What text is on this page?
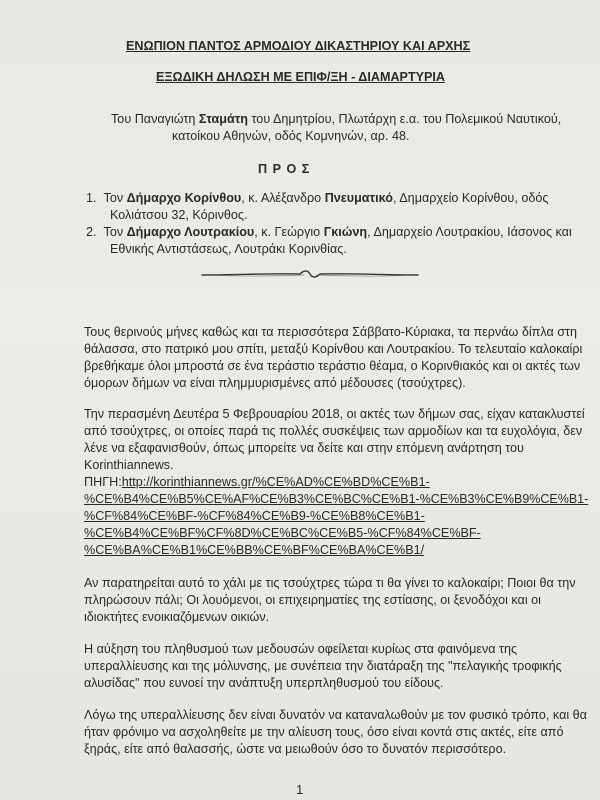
ΕΝΩΠΙΟΝ ΠΑΝΤΟΣ ΑΡΜΟΔΙΟΥ ΔΙΚΑΣΤΗΡΙΟΥ ΚΑΙ ΑΡΧΗΣ
ΕΞΩΔΙΚΗ ΔΗΛΩΣΗ ΜΕ ΕΠΙΦ/ΞΗ - ΔΙΑΜΑΡΤΥΡΙΑ
Του Παναγιώτη Σταμάτη του Δημητρίου, Πλωτάρχη ε.α. του Πολεμικού Ναυτικού,
κατοίκου Αθηνών, οδός Κομνηνών, αρ. 48.
Π Ρ Ο Σ
1. Τον Δήμαρχο Κορίνθου, κ. Αλέξανδρο Πνευματικό, Δημαρχείο Κορίνθου, οδός
Κολιάτσου 32, Κόρινθος.
2. Τον Δήμαρχο Λουτρακίου, κ. Γεώργιο Γκιώνη, Δημαρχείο Λουτρακίου, Ιάσονος και
Εθνικής Αντιστάσεως, Λουτράκι Κορινθίας.
Τους θερινούς μήνες καθώς και τα περισσότερα Σάββατο-Κύριακα, τα περνάω δίπλα στη
θάλασσα, στο πατρικό μου σπίτι, μεταξύ Κορίνθου και Λουτρακίου. Το τελευταίο καλοκαίρι
βρεθήκαμε όλοι μπροστά σε ένα τεράστιο τεράστιο θέαμα, ο Κορινθιακός και οι ακτές των
όμορων δήμων να είναι πλημμυρισμένες από μέδουσες (τσούχτρες).
Την περασμένη Δευτέρα 5 Φεβρουαρίου 2018, οι ακτές των δήμων σας, είχαν κατακλυστεί
από τσούχτρες, οι οποίες παρά τις πολλές συσκέψεις των αρμοδίων και τα ευχολόγια, δεν
λένε να εξαφανισθούν, όπως μπορείτε να δείτε και στην επόμενη ανάρτηση του
Korinthiannews.
ΠΗΓΗ:http://korinthiannews.gr/%CE%AD%CE%BD%CE%B1-
%CE%B4%CE%B5%CE%AF%CE%B3%CE%BC%CE%B1-%CE%B3%CE%B9%CE%B1-
%CF%84%CE%BF-%CF%84%CE%B9-%CE%B8%CE%B1-
%CE%B4%CE%BF%CF%8D%CE%BC%CE%B5-%CF%84%CE%BF-
%CE%BA%CE%B1%CE%BB%CE%BF%CE%BA%CE%B1/
Αν παρατηρείται αυτό το χάλι με τις τσούχτρες τώρα τι θα γίνει το καλοκαίρι; Ποιοι θα την
πληρώσουν πάλι; Οι λουόμενοι, οι επιχειρηματίες της εστίασης, οι ξενοδόχοι και οι
ιδιοκτήτες ενοικιαζόμενων οικιών.
Η αύξηση του πληθυσμού των μεδουσών οφείλεται κυρίως στα φαινόμενα της
υπεραλλίευσης και της μόλυνσης, με συνέπεια την διατάραξη της "πελαγικής τροφικής
αλυσίδας" που ευνοεί την ανάπτυξη υπερπληθυσμού του είδους.
Λόγω της υπεραλλίευσης δεν είναι δυνατόν να καταναλωθούν με τον φυσικό τρόπο, και θα
ήταν φρόνιμο να ασχοληθείτε με την αλίευση τους, όσο είναι κοντά στις ακτές, είτε από
ξηράς, είτε από θαλασσής, ώστε να μειωθούν όσο το δυνατόν περισσότερο.
1
